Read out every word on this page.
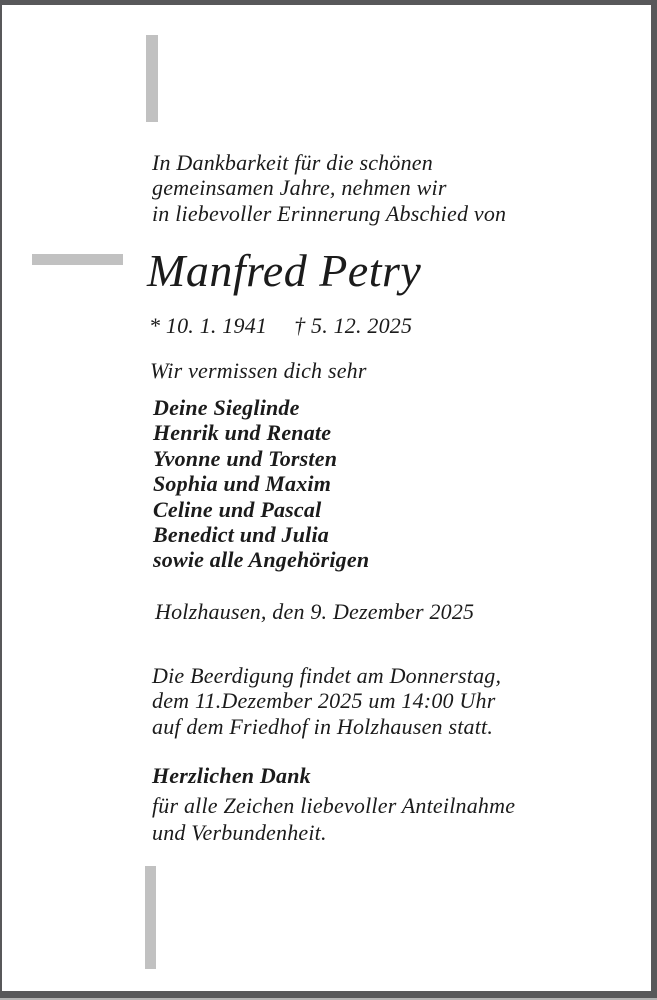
In Dankbarkeit für die schönen
gemeinsamen Jahre, nehmen wir
in liebevoller Erinnerung Abschied von
Manfred Petry
* 10. 1. 1941 † 5. 12. 2025
Wir vermissen dich sehr
Deine Sieglinde
Henrik und Renate
Yvonne und Torsten
Sophia und Maxim
Celine und Pascal
Benedict und Julia
sowie alle Angehörigen
Holzhausen, den 9. Dezember 2025
Die Beerdigung findet am Donnerstag,
dem 11.Dezember 2025 um 14:00 Uhr
auf dem Friedhof in Holzhausen statt.
Herzlichen Dank
für alle Zeichen liebevoller Anteilnahme
und Verbundenheit.
